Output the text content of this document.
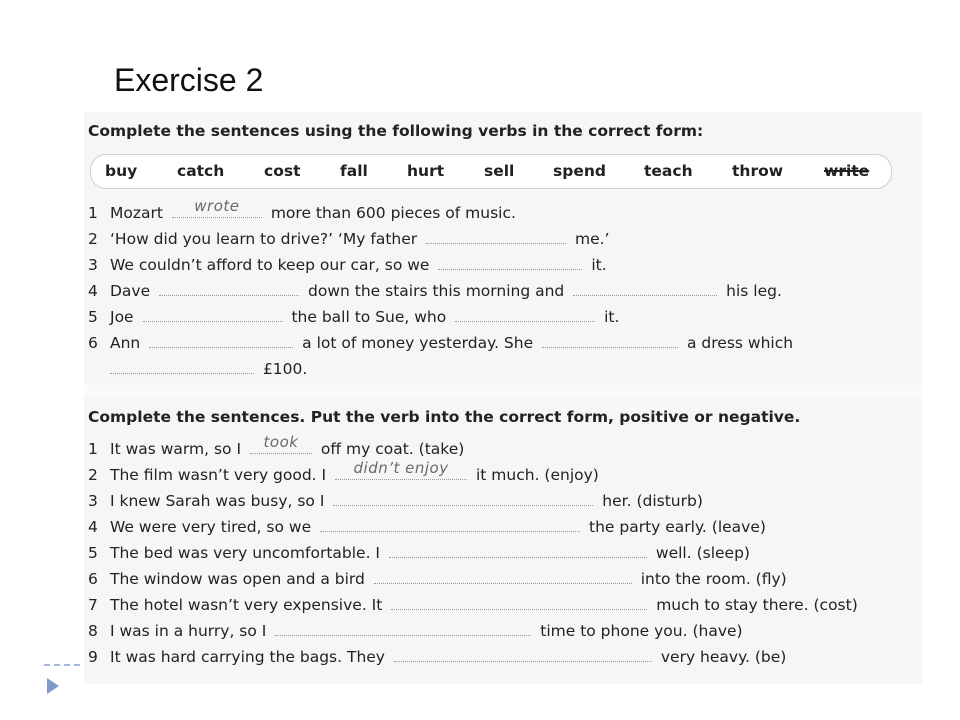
Exercise 2
Complete the sentences using the following verbs in the correct form:
buy	catch	cost	fall	hurt	sell spend teach	throw	write
1 Mozart	wrote	more than 600 pieces of music.
2 ‘How did you learn to drive?’ ‘My father	me.’
3 We couldn’t afford to keep our car, so we	it.
4 Dave	down the stairs this morning and	his leg.
5 Joe	the ball to Sue, who	it.
6 Ann	a lot of money yesterday. She	a dress which
£100.
Complete the sentences. Put the verb into the correct form, positive or negative.
1 It was warm, so I	took	off my coat. (take)
2 The film wasn’t very good. I	didn’t enjoy	it much. (enjoy)
3 I knew Sarah was busy, so I	her. (disturb)
4 We were very tired, so we	the party early. (leave)
5 The bed was very uncomfortable. I	well. (sleep)
6 The window was open and a bird	into the room. (fly)
7 The hotel wasn’t very expensive. It	much to stay there. (cost)
8 I was in a hurry, so I	time to phone you. (have)
9 It was hard carrying the bags. They	very heavy. (be)
